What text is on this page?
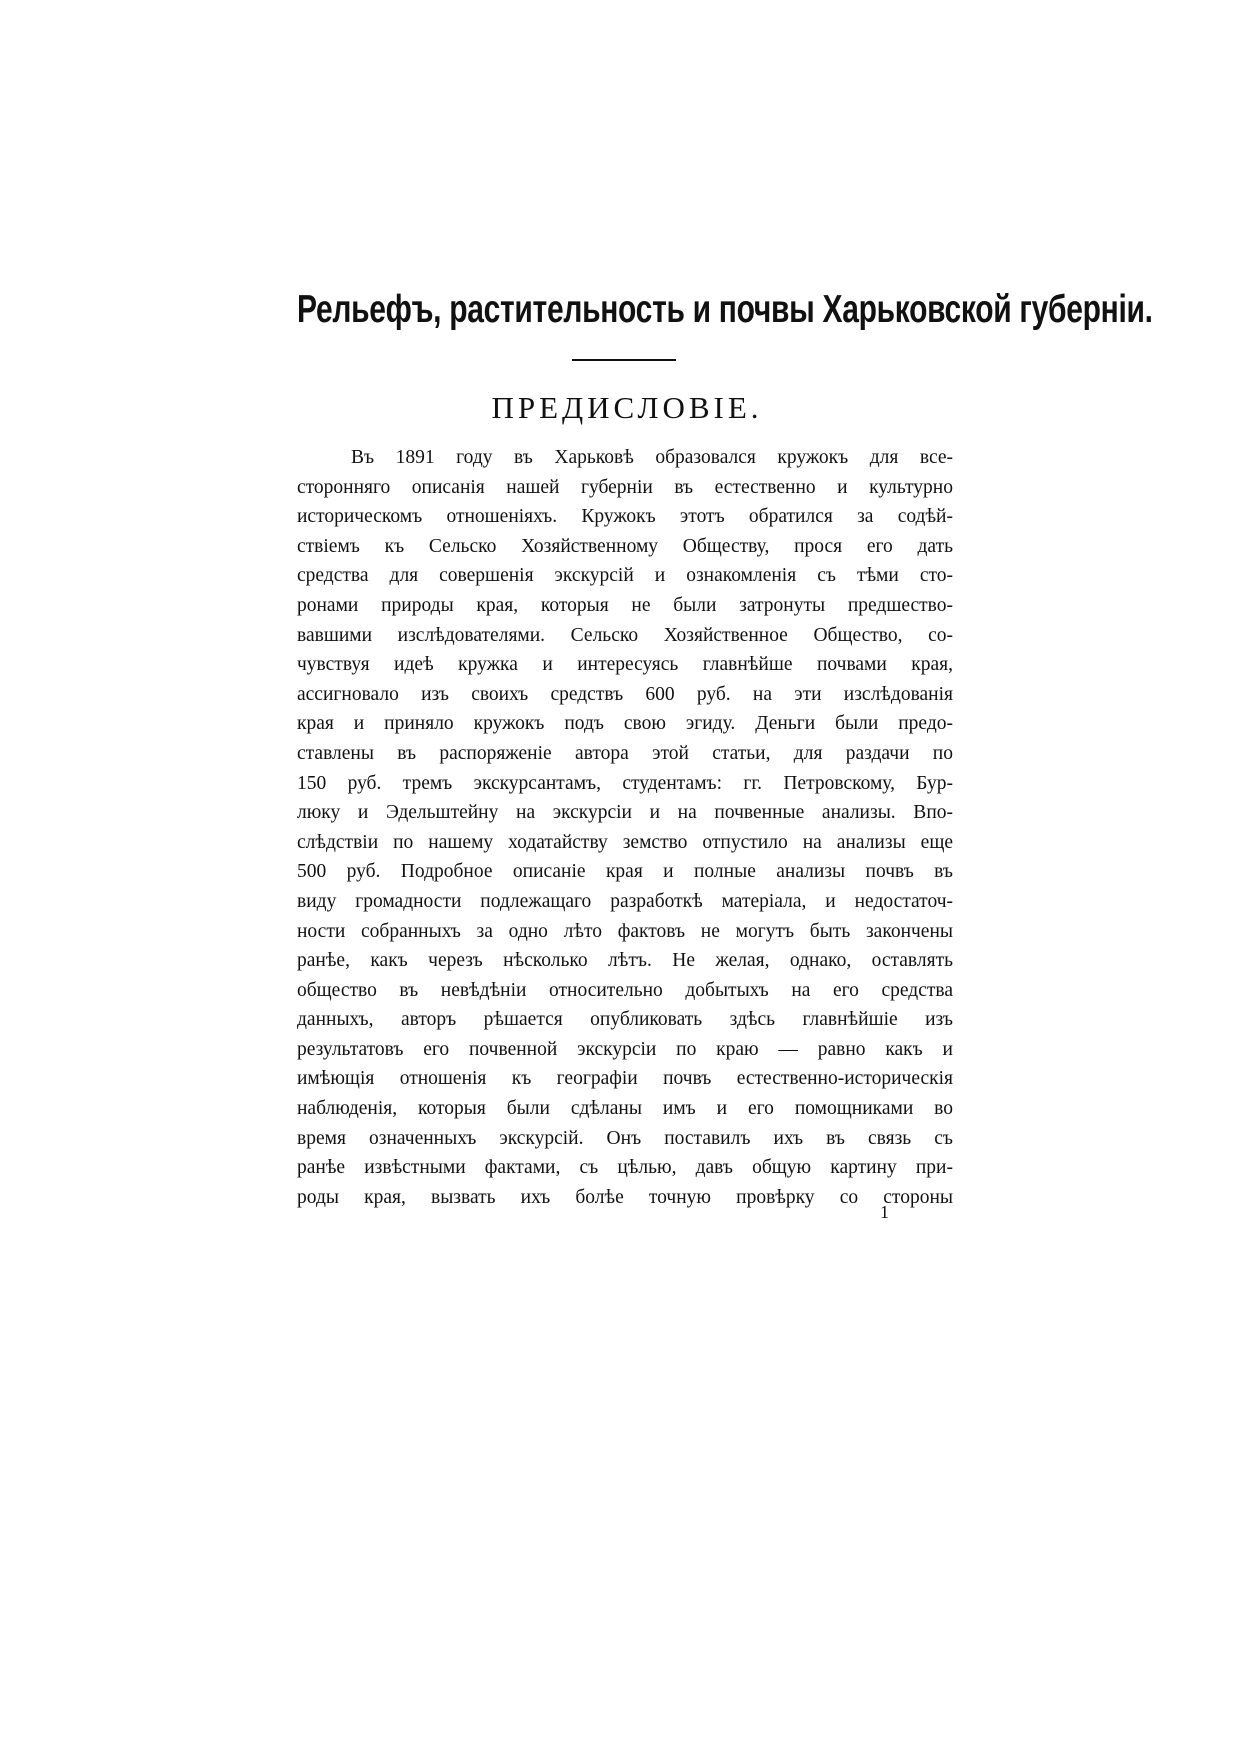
Рельефъ, растительность и почвы Харьковской губерніи.
ПРЕДИСЛОВІЕ.
Въ 1891 году въ Харьковѣ образовался кружокъ для все-
сторонняго описанія нашей губерніи въ естественно и культурно
историческомъ отношеніяхъ. Кружокъ этотъ обратился за содѣй-
ствіемъ къ Сельско Хозяйственному Обществу, прося его дать
средства для совершенія экскурсій и ознакомленія съ тѣми сто-
ронами природы края, которыя не были затронуты предшество-
вавшими изслѣдователями. Сельско Хозяйственное Общество, со-
чувствуя идеѣ кружка и интересуясь главнѣйше почвами края,
ассигновало изъ своихъ средствъ 600 руб. на эти изслѣдованія
края и приняло кружокъ подъ свою эгиду. Деньги были предо-
ставлены въ распоряженіе автора этой статьи, для раздачи по
150 руб. тремъ экскурсантамъ, студентамъ: гг. Петровскому, Бур-
люку и Эдельштейну на экскурсіи и на почвенные анализы. Впо-
слѣдствіи по нашему ходатайству земство отпустило на анализы еще
500 руб. Подробное описаніе края и полные анализы почвъ въ
виду громадности подлежащаго разработкѣ матеріала, и недостаточ-
ности собранныхъ за одно лѣто фактовъ не могутъ быть закончены
ранѣе, какъ черезъ нѣсколько лѣтъ. Не желая, однако, оставлять
общество въ невѣдѣніи относительно добытыхъ на его средства
данныхъ, авторъ рѣшается опубликовать здѣсь главнѣйшіе изъ
результатовъ его почвенной экскурсіи по краю — равно какъ и
имѣющія отношенія къ географіи почвъ естественно-историческія
наблюденія, которыя были сдѣланы имъ и его помощниками во
время означенныхъ экскурсій. Онъ поставилъ ихъ въ связь съ
ранѣе извѣстными фактами, съ цѣлью, давъ общую картину при-
роды края, вызвать ихъ болѣе точную провѣрку со стороны
1
